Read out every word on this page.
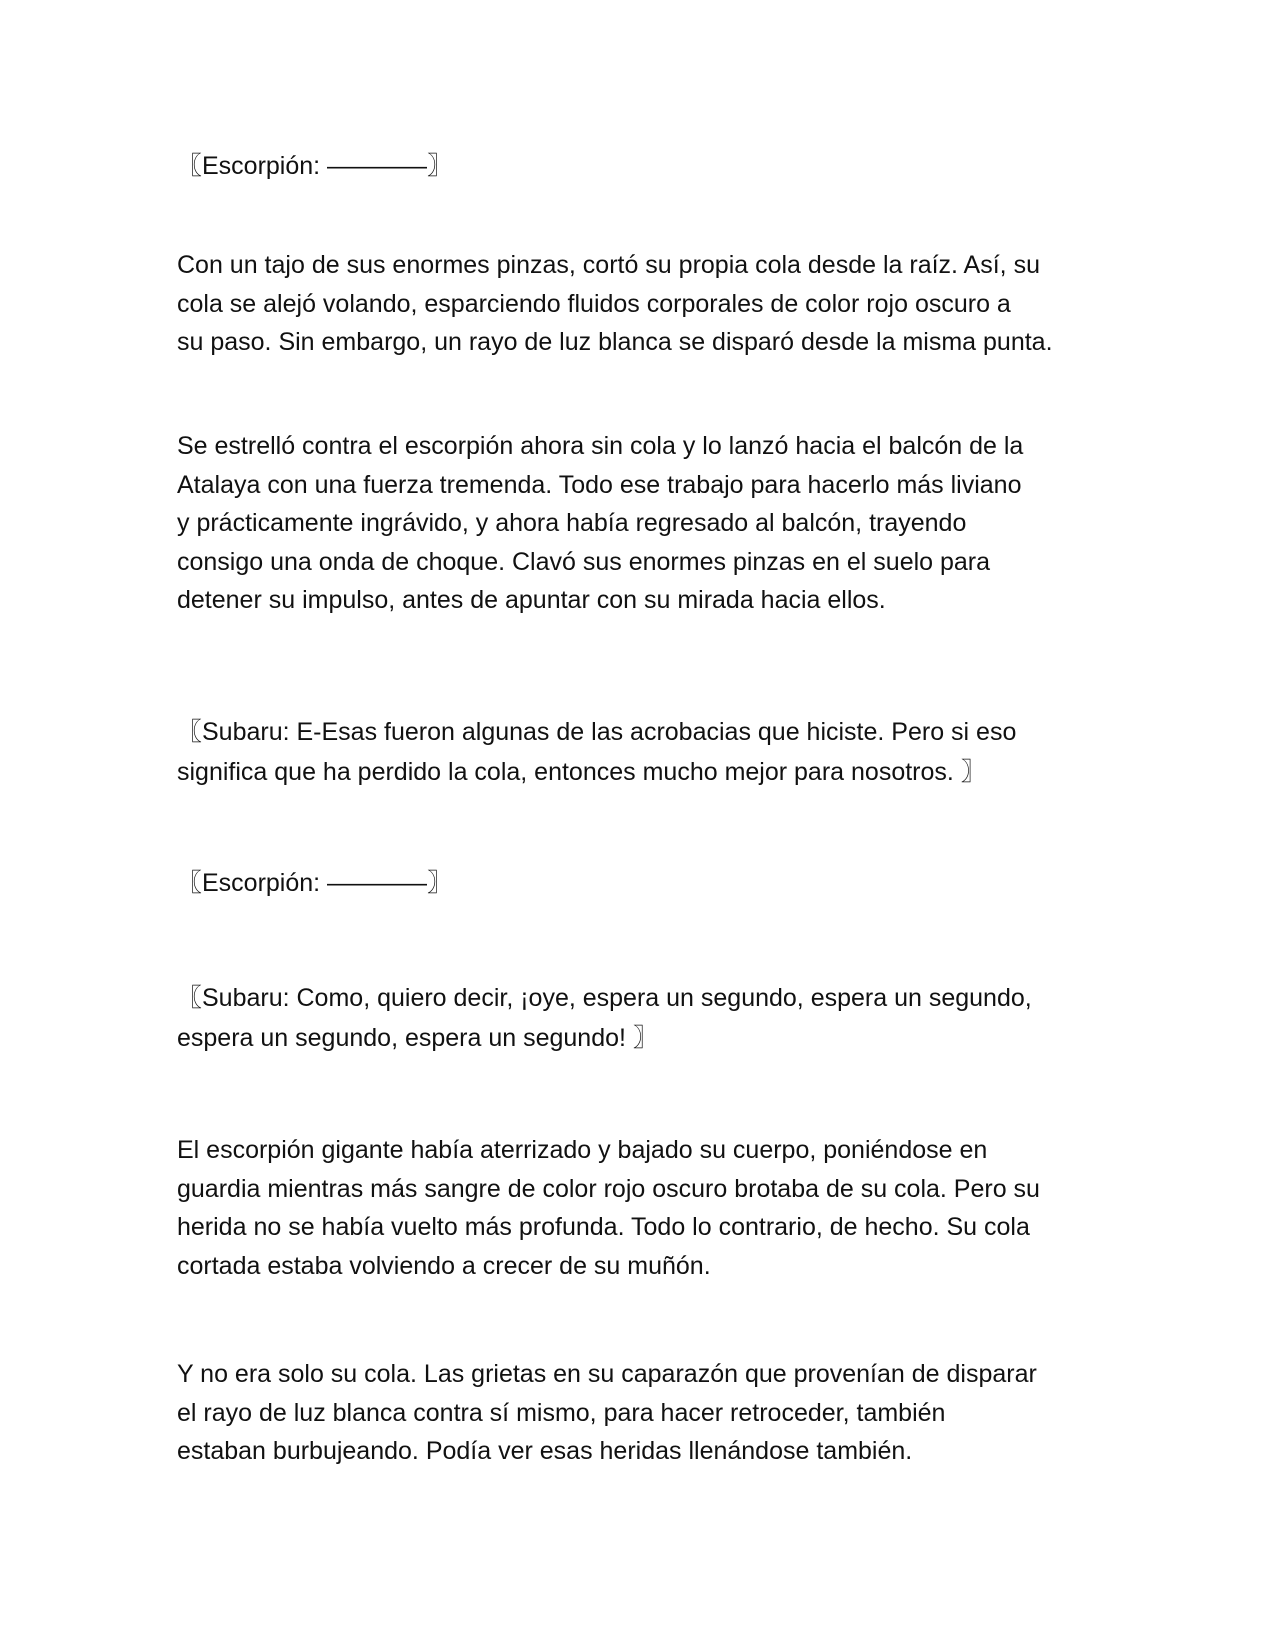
〖Escorpión: ————〗

Con un tajo de sus enormes pinzas, cortó su propia cola desde la raíz. Así, su
cola se alejó volando, esparciendo fluidos corporales de color rojo oscuro a
su paso. Sin embargo, un rayo de luz blanca se disparó desde la misma punta.

Se estrelló contra el escorpión ahora sin cola y lo lanzó hacia el balcón de la
Atalaya con una fuerza tremenda. Todo ese trabajo para hacerlo más liviano
y prácticamente ingrávido, y ahora había regresado al balcón, trayendo
consigo una onda de choque. Clavó sus enormes pinzas en el suelo para
detener su impulso, antes de apuntar con su mirada hacia ellos.

〖Subaru: E-Esas fueron algunas de las acrobacias que hiciste. Pero si eso
significa que ha perdido la cola, entonces mucho mejor para nosotros. 〗

〖Escorpión: ————〗

〖Subaru: Como, quiero decir, ¡oye, espera un segundo, espera un segundo,
espera un segundo, espera un segundo! 〗

El escorpión gigante había aterrizado y bajado su cuerpo, poniéndose en
guardia mientras más sangre de color rojo oscuro brotaba de su cola. Pero su
herida no se había vuelto más profunda. Todo lo contrario, de hecho. Su cola
cortada estaba volviendo a crecer de su muñón.

Y no era solo su cola. Las grietas en su caparazón que provenían de disparar
el rayo de luz blanca contra sí mismo, para hacer retroceder, también
estaban burbujeando. Podía ver esas heridas llenándose también.
